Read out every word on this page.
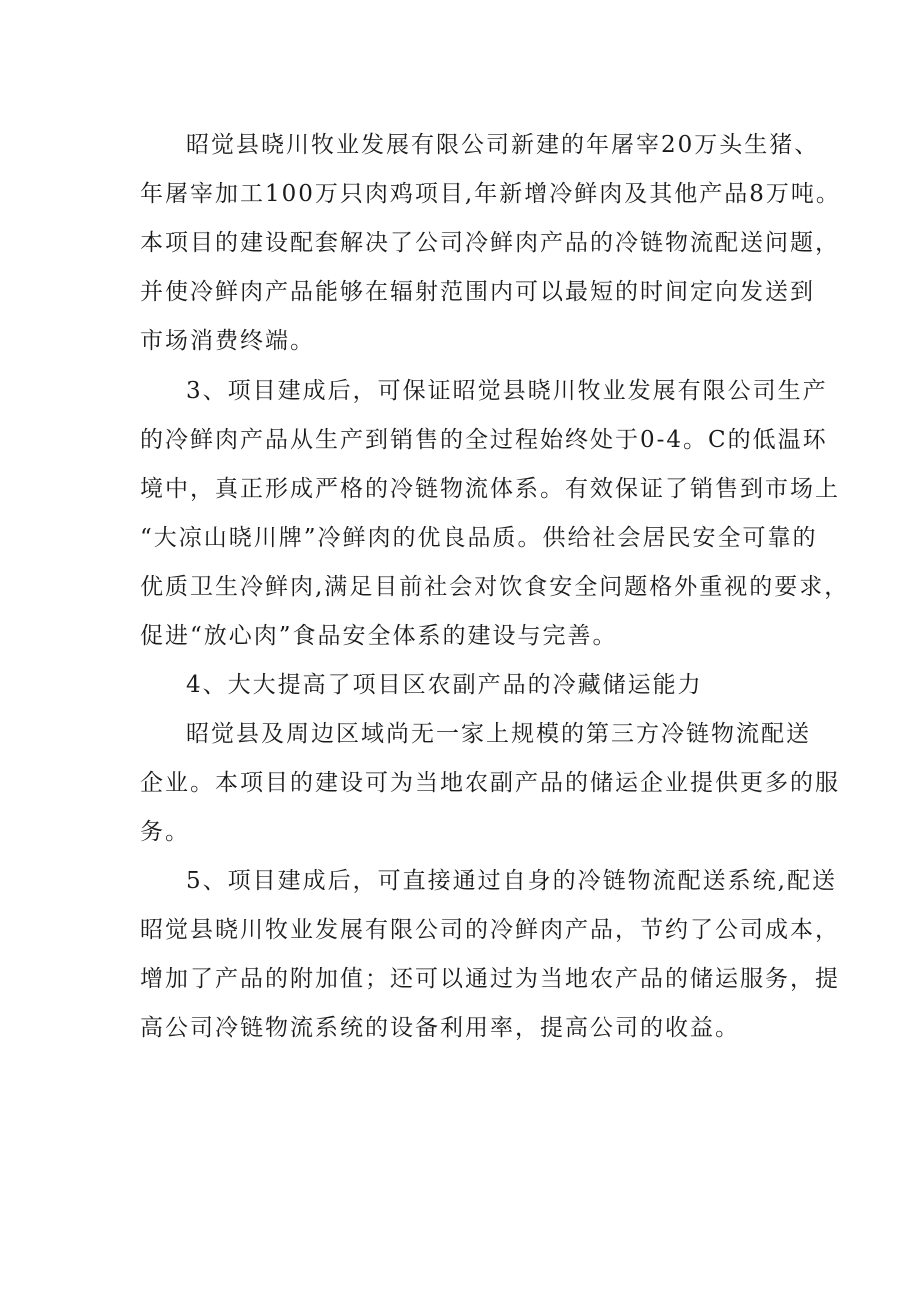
昭觉县晓川牧业发展有限公司新建的年屠宰20万头生猪、
年屠宰加工100万只肉鸡项目,年新增冷鲜肉及其他产品8万吨。
本项目的建设配套解决了公司冷鲜肉产品的冷链物流配送问题，
并使冷鲜肉产品能够在辐射范围内可以最短的时间定向发送到
市场消费终端。
3、项目建成后，可保证昭觉县晓川牧业发展有限公司生产
的冷鲜肉产品从生产到销售的全过程始终处于0-4。C的低温环
境中，真正形成严格的冷链物流体系。有效保证了销售到市场上
“大凉山晓川牌”冷鲜肉的优良品质。供给社会居民安全可靠的
优质卫生冷鲜肉,满足目前社会对饮食安全问题格外重视的要求，
促进“放心肉”食品安全体系的建设与完善。
4、大大提高了项目区农副产品的冷藏储运能力
昭觉县及周边区域尚无一家上规模的第三方冷链物流配送
企业。本项目的建设可为当地农副产品的储运企业提供更多的服
务。
5、项目建成后，可直接通过自身的冷链物流配送系统,配送
昭觉县晓川牧业发展有限公司的冷鲜肉产品，节约了公司成本，
增加了产品的附加值；还可以通过为当地农产品的储运服务，提
高公司冷链物流系统的设备利用率，提高公司的收益。
